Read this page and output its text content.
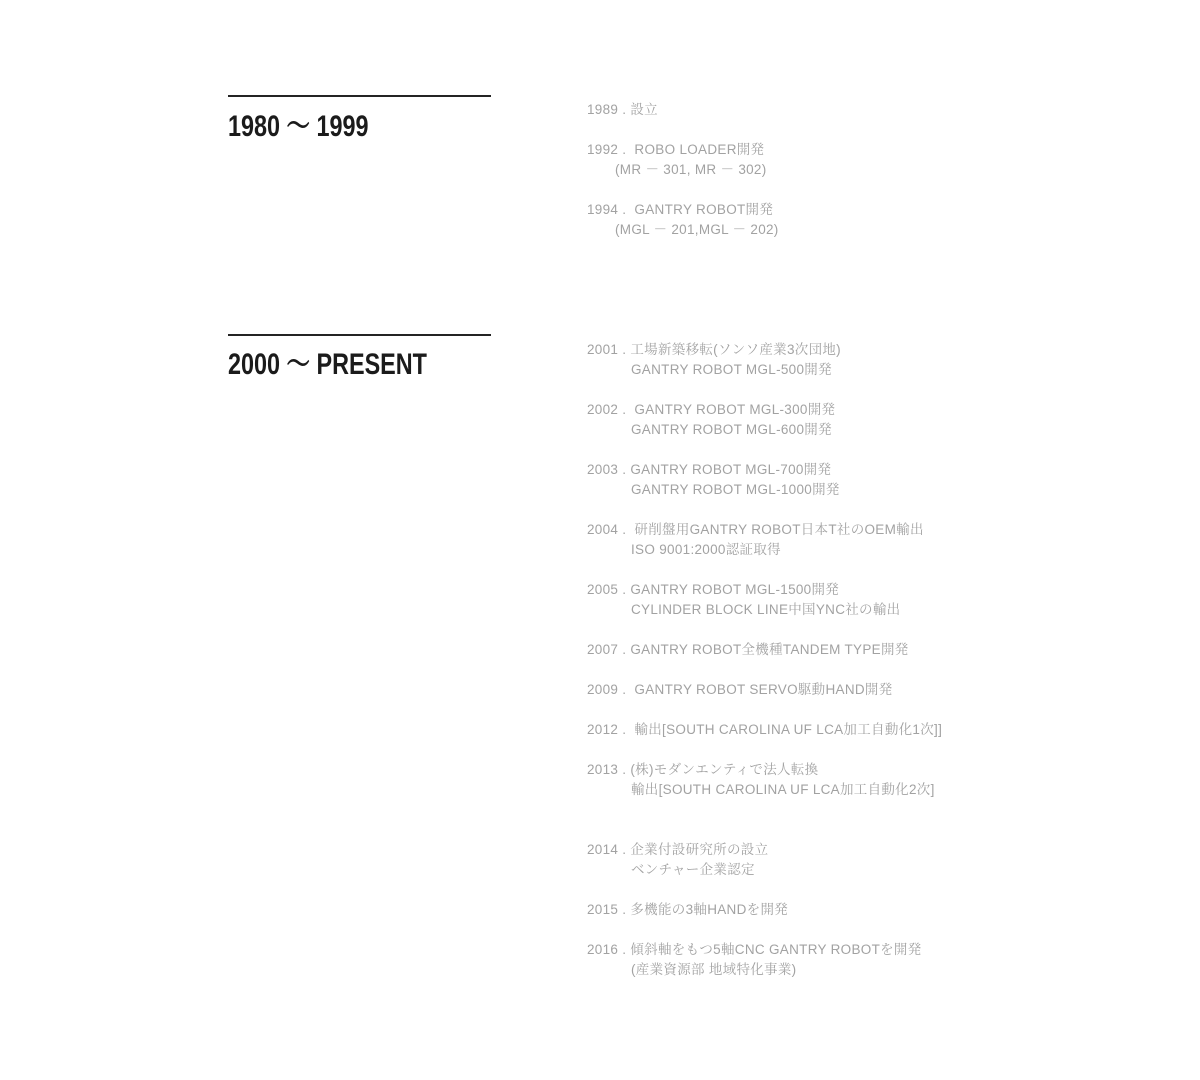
1980 ～ 1999
1989 . 設立
1992 .  ROBO LOADER開発
(MR － 301, MR － 302)
1994 .  GANTRY ROBOT開発
(MGL － 201,MGL － 202)
2000 ～ PRESENT	2001 . 工場新築移転(ソンソ産業3次団地)
GANTRY ROBOT MGL-500開発
2002 .  GANTRY ROBOT MGL-300開発
GANTRY ROBOT MGL-600開発
2003 . GANTRY ROBOT MGL-700開発
GANTRY ROBOT MGL-1000開発
2004 .  研削盤用GANTRY ROBOT日本T社のOEM輸出
ISO 9001:2000認証取得
2005 . GANTRY ROBOT MGL-1500開発
CYLINDER BLOCK LINE中国YNC社の輸出
2007 . GANTRY ROBOT全機種TANDEM TYPE開発
2009 .  GANTRY ROBOT SERVO駆動HAND開発
2012 .  輸出[SOUTH CAROLINA UF LCA加工自動化1次]]
2013 . (株)モダンエンティで法人転換
輸出[SOUTH CAROLINA UF LCA加工自動化2次]
2014 . 企業付設研究所の設立
ベンチャー企業認定
2015 . 多機能の3軸HANDを開発
2016 . 傾斜軸をもつ5軸CNC GANTRY ROBOTを開発
(産業資源部 地域特化事業)
